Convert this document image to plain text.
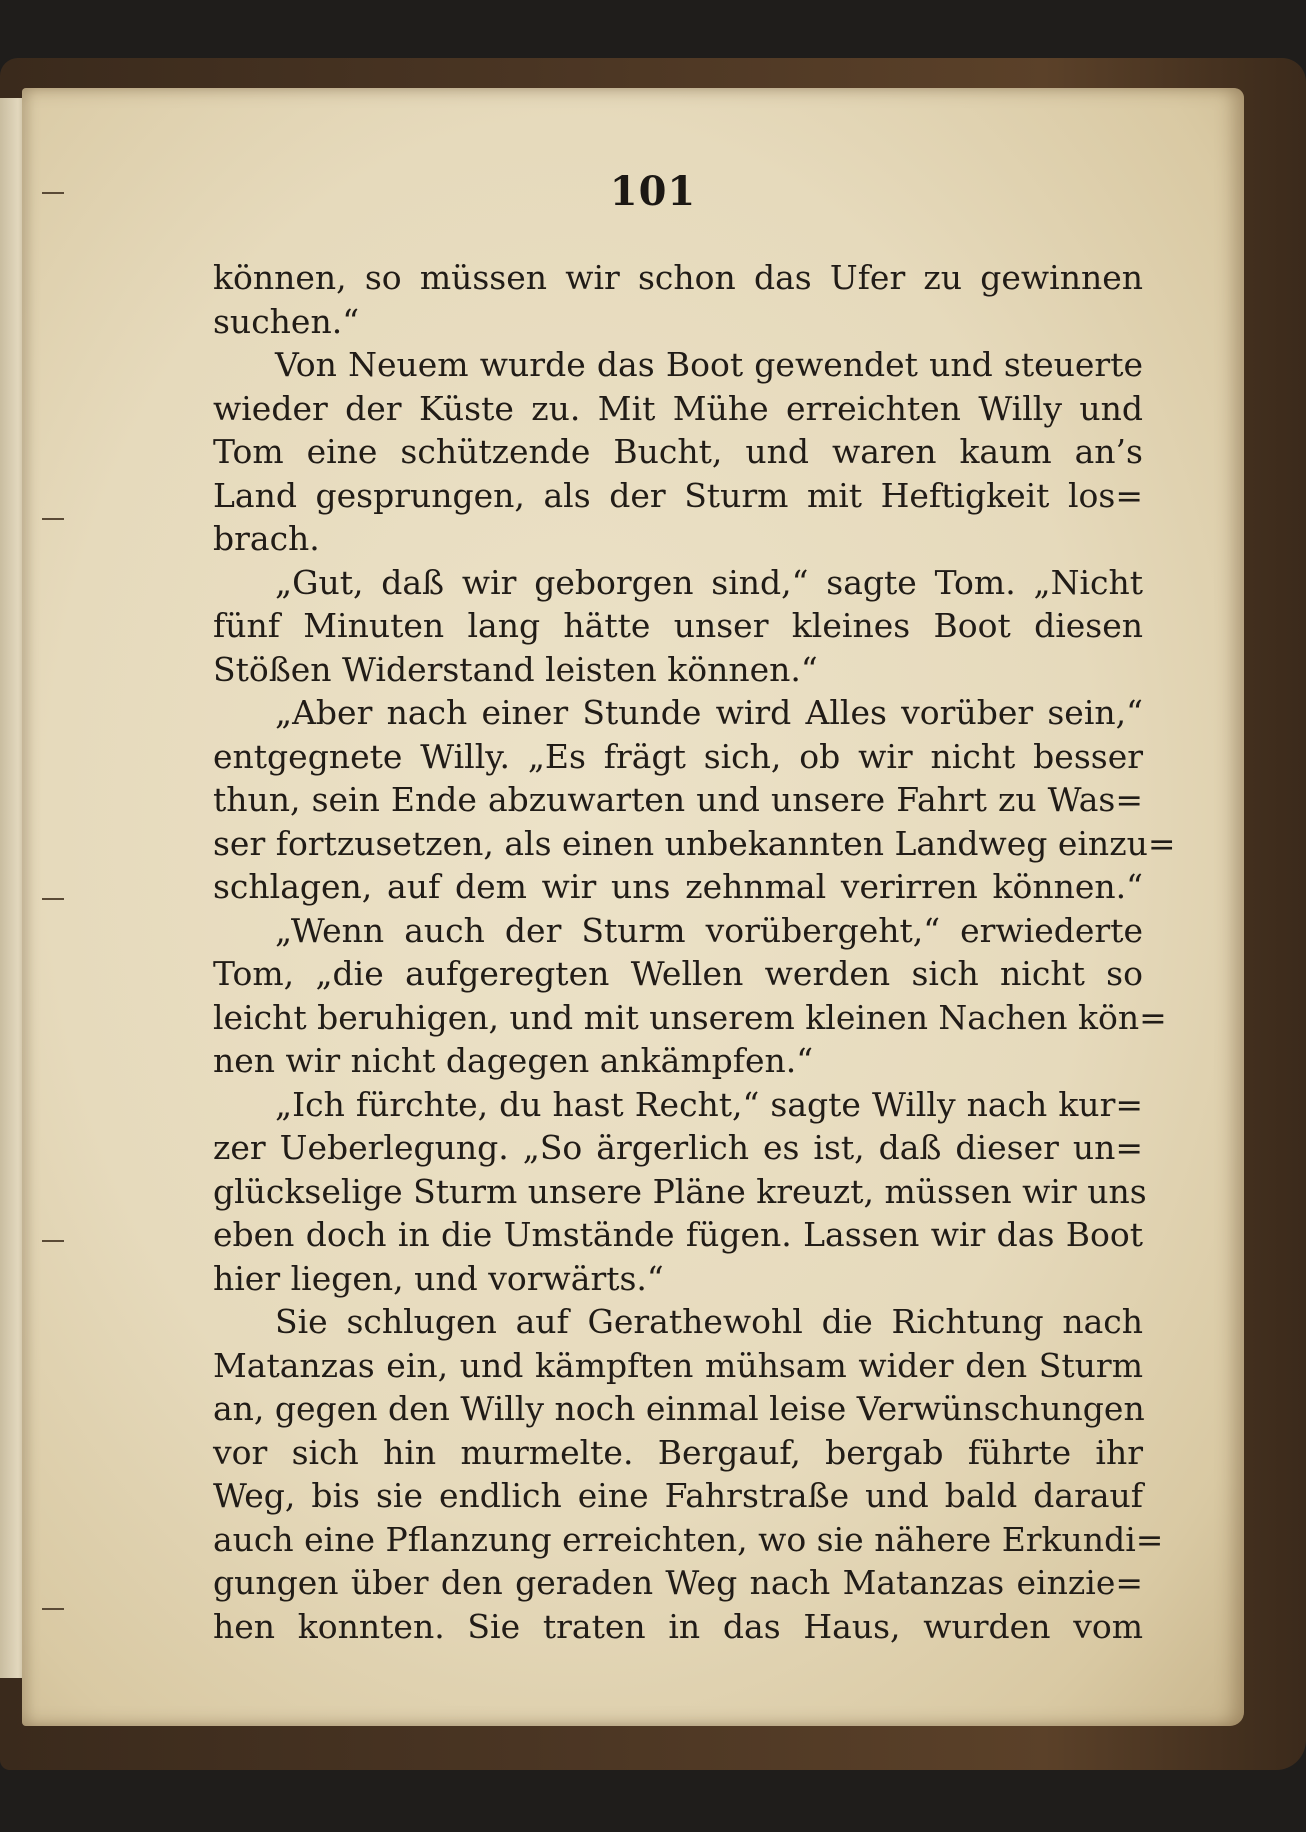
101
können, so müssen wir schon das Ufer zu gewinnen
suchen.“
Von Neuem wurde das Boot gewendet und steuerte
wieder der Küste zu. Mit Mühe erreichten Willy und
Tom eine schützende Bucht, und waren kaum an’s
Land gesprungen, als der Sturm mit Heftigkeit los=
brach.
„Gut, daß wir geborgen sind,“ sagte Tom. „Nicht
fünf Minuten lang hätte unser kleines Boot diesen
Stößen Widerstand leisten können.“
„Aber nach einer Stunde wird Alles vorüber sein,“
entgegnete Willy. „Es frägt sich, ob wir nicht besser
thun, sein Ende abzuwarten und unsere Fahrt zu Was=
ser fortzusetzen, als einen unbekannten Landweg einzu=
schlagen, auf dem wir uns zehnmal verirren können.“
„Wenn auch der Sturm vorübergeht,“ erwiederte
Tom, „die aufgeregten Wellen werden sich nicht so
leicht beruhigen, und mit unserem kleinen Nachen kön=
nen wir nicht dagegen ankämpfen.“
„Ich fürchte, du hast Recht,“ sagte Willy nach kur=
zer Ueberlegung. „So ärgerlich es ist, daß dieser un=
glückselige Sturm unsere Pläne kreuzt, müssen wir uns
eben doch in die Umstände fügen. Lassen wir das Boot
hier liegen, und vorwärts.“
Sie schlugen auf Gerathewohl die Richtung nach
Matanzas ein, und kämpften mühsam wider den Sturm
an, gegen den Willy noch einmal leise Verwünschungen
vor sich hin murmelte. Bergauf, bergab führte ihr
Weg, bis sie endlich eine Fahrstraße und bald darauf
auch eine Pflanzung erreichten, wo sie nähere Erkundi=
gungen über den geraden Weg nach Matanzas einzie=
hen konnten. Sie traten in das Haus, wurden vom
